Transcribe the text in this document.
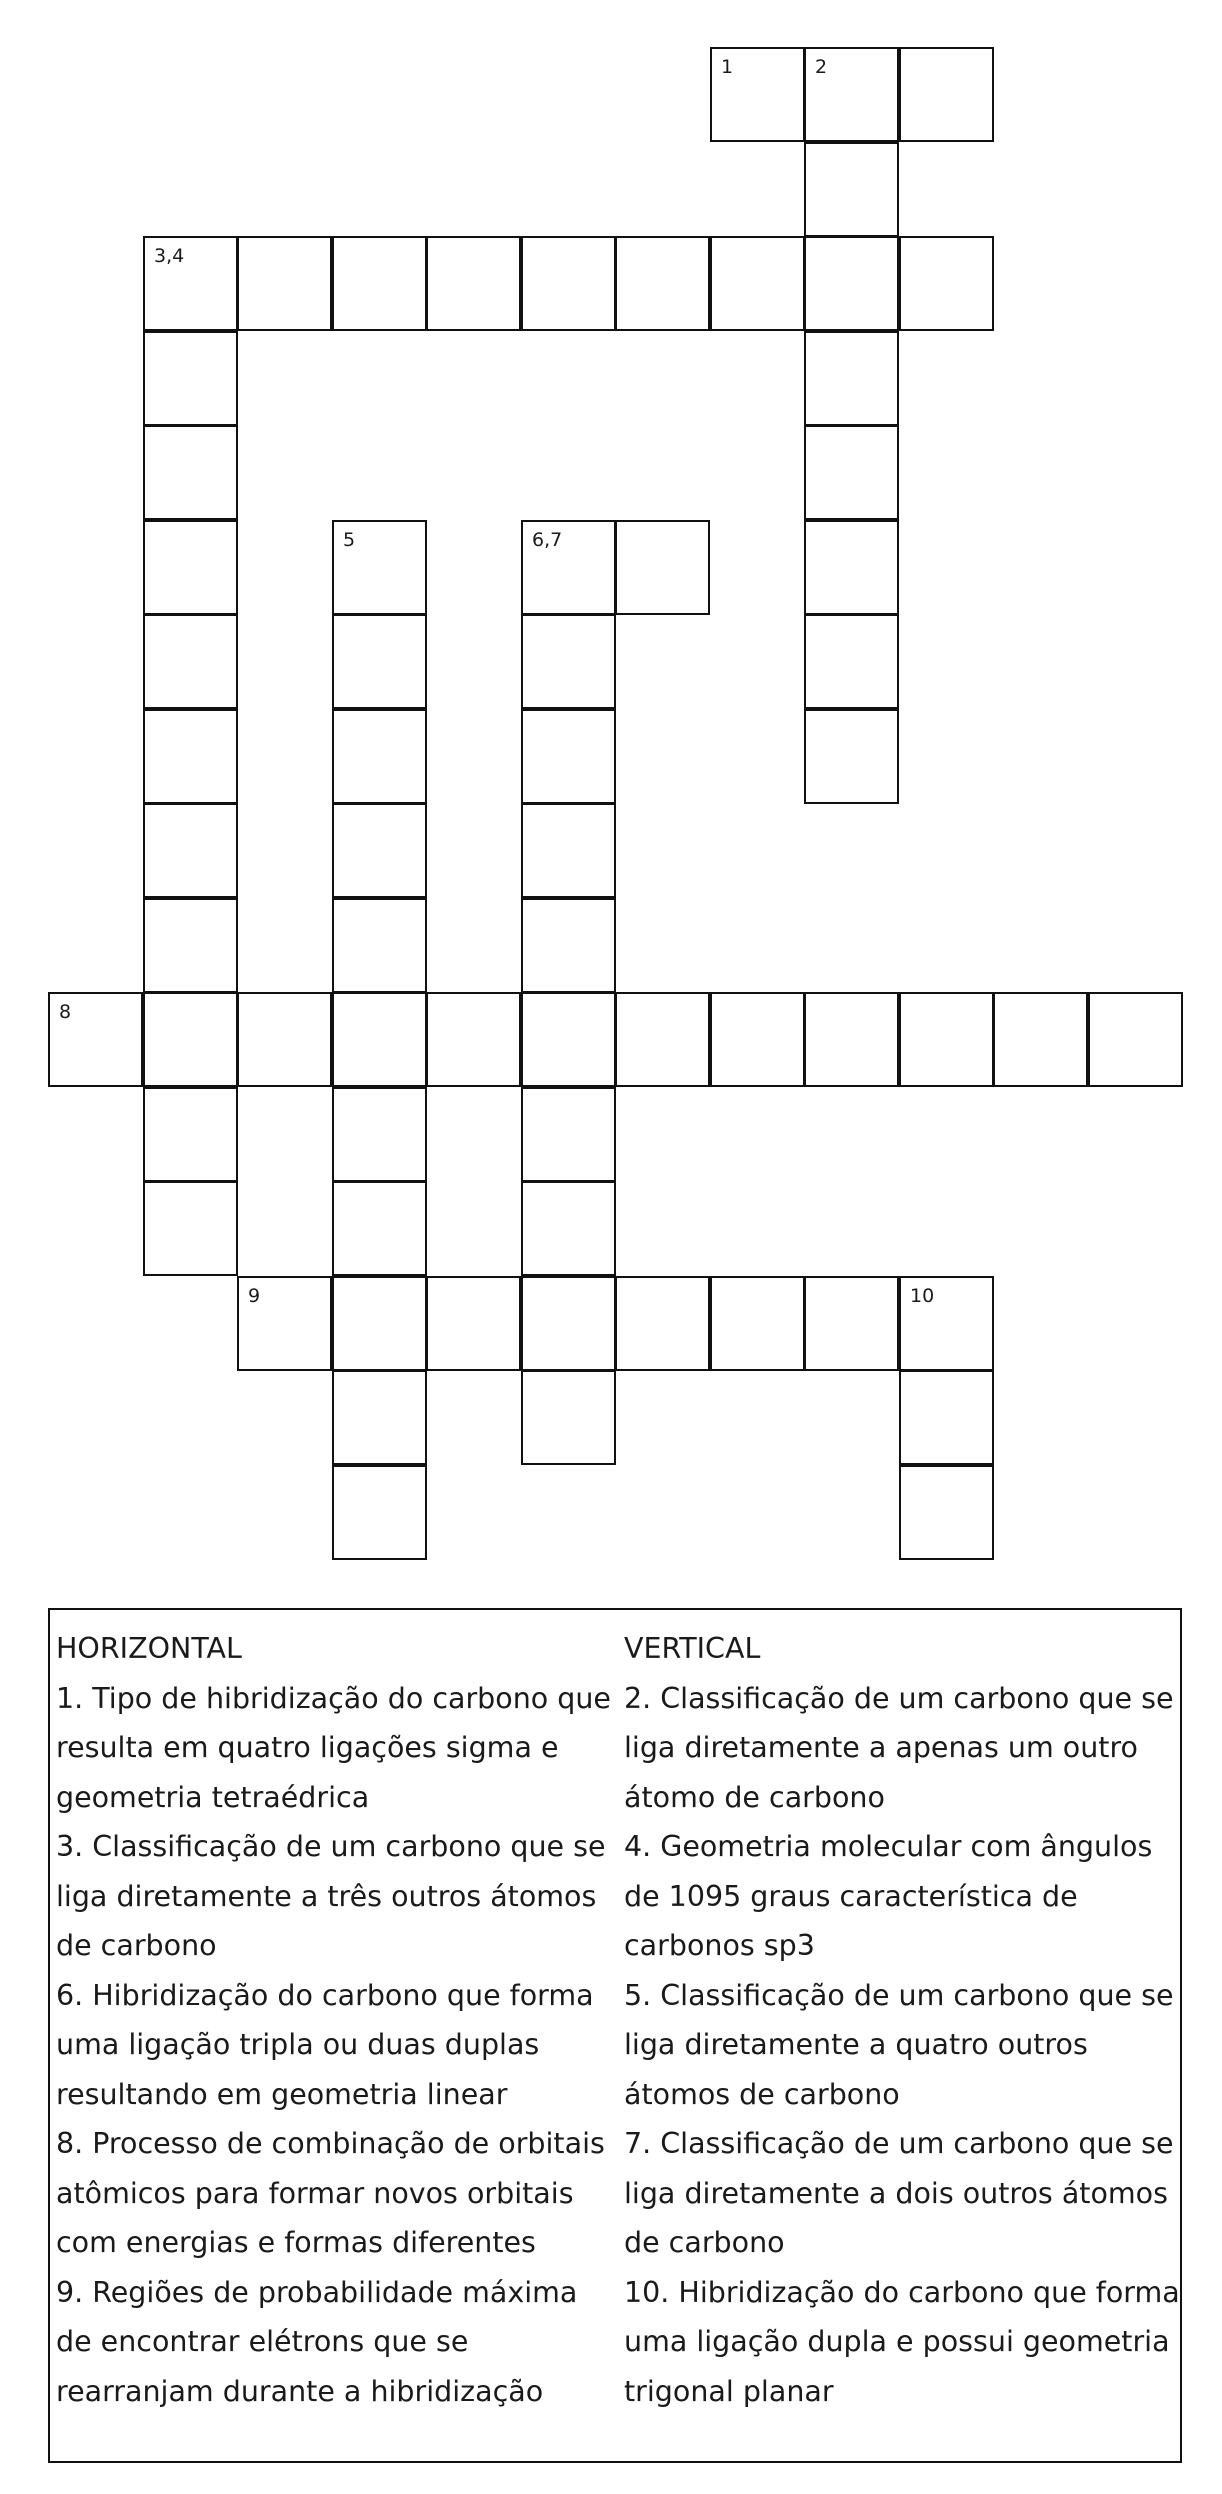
1	2
3,4
5	6,7
8
9	10
HORIZONTAL
1. Tipo de hibridização do carbono que resulta em quatro ligações sigma e geometria tetraédrica
3. Classificação de um carbono que se liga diretamente a três outros átomos de carbono
6. Hibridização do carbono que forma uma ligação tripla ou duas duplas resultando em geometria linear
8. Processo de combinação de orbitais atômicos para formar novos orbitais com energias e formas diferentes
9. Regiões de probabilidade máxima de encontrar elétrons que se rearranjam durante a hibridização
VERTICAL
2. Classificação de um carbono que se liga diretamente a apenas um outro átomo de carbono
4. Geometria molecular com ângulos de 1095 graus característica de carbonos sp3
5. Classificação de um carbono que se liga diretamente a quatro outros átomos de carbono
7. Classificação de um carbono que se liga diretamente a dois outros átomos de carbono
10. Hibridização do carbono que forma uma ligação dupla e possui geometria trigonal planar
